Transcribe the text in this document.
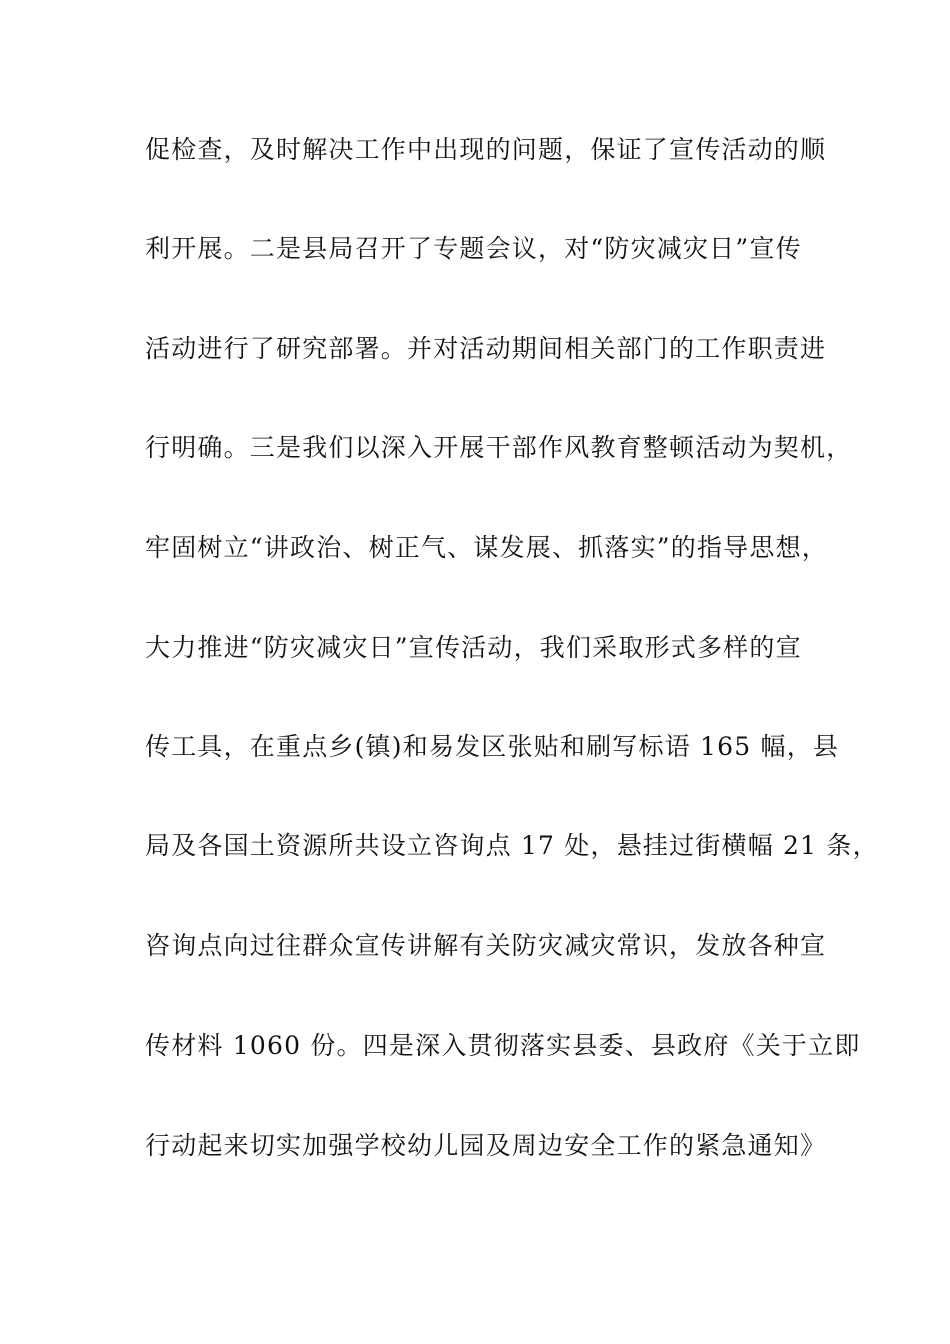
促检查，及时解决工作中出现的问题，保证了宣传活动的顺
利开展。二是县局召开了专题会议，对“防灾减灾日”宣传
活动进行了研究部署。并对活动期间相关部门的工作职责进
行明确。三是我们以深入开展干部作风教育整顿活动为契机，
牢固树立“讲政治、树正气、谋发展、抓落实”的指导思想，
大力推进“防灾减灾日”宣传活动，我们采取形式多样的宣
传工具，在重点乡(镇)和易发区张贴和刷写标语 165 幅，县
局及各国土资源所共设立咨询点 17 处，悬挂过街横幅 21 条，
咨询点向过往群众宣传讲解有关防灾减灾常识，发放各种宣
传材料 1060 份。四是深入贯彻落实县委、县政府《关于立即
行动起来切实加强学校幼儿园及周边安全工作的紧急通知》
